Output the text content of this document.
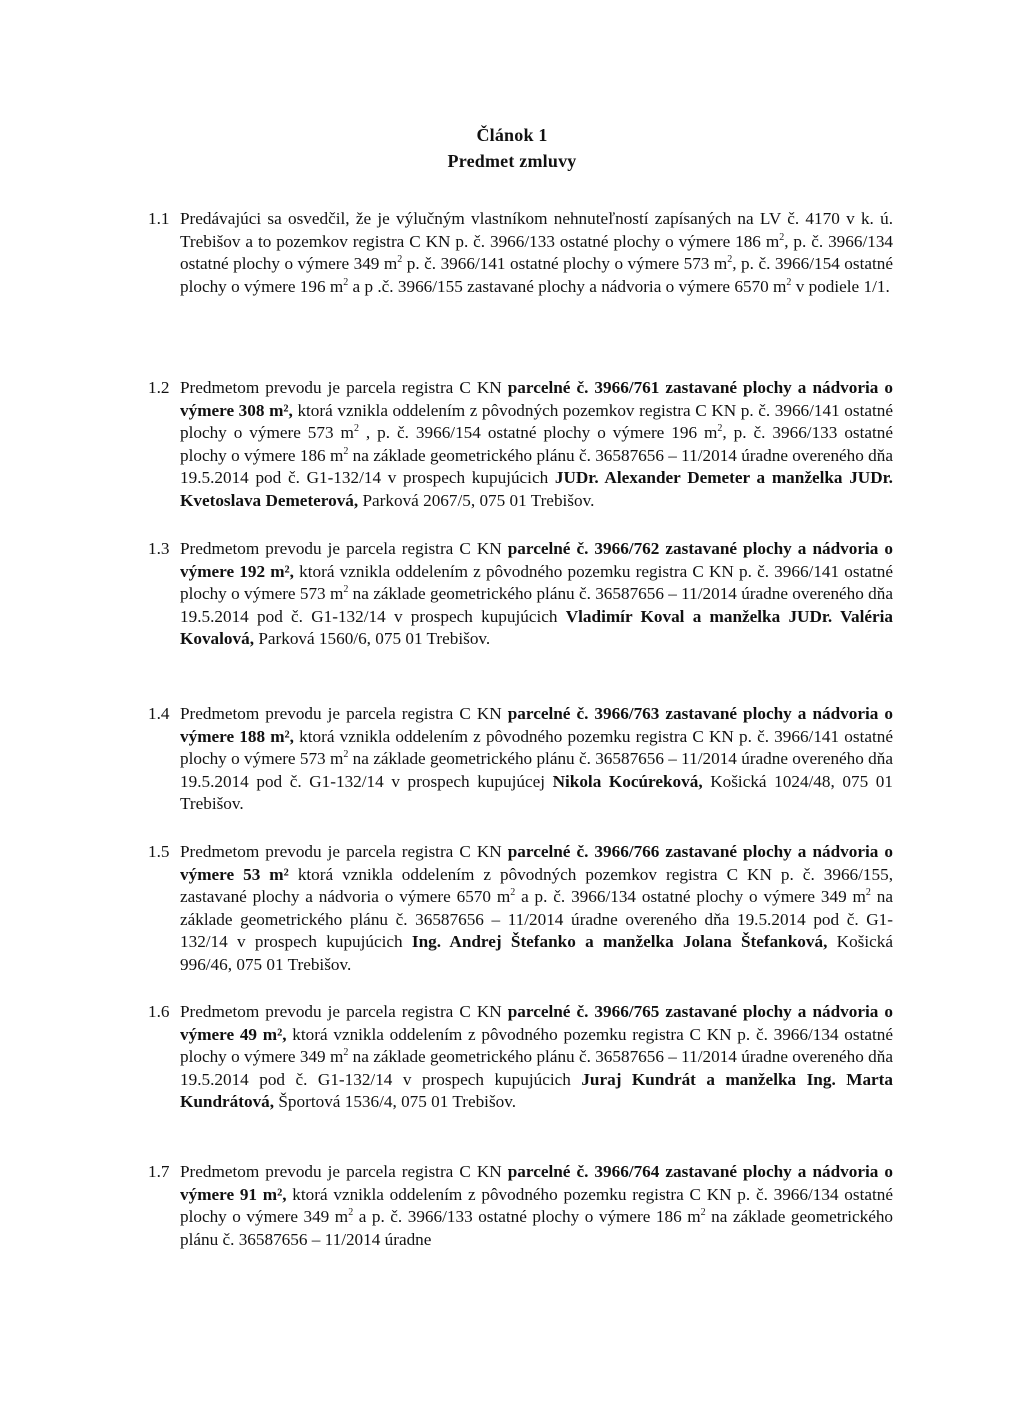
Článok 1
Predmet zmluvy
1.1 Predávajúci sa osvedčil, že je výlučným vlastníkom nehnuteľností zapísaných na LV č. 4170 v k. ú. Trebišov a to pozemkov registra C KN p. č. 3966/133 ostatné plochy o výmere 186 $m^2$, p. č. 3966/134 ostatné plochy o výmere 349 $m^2$ p. č. 3966/141 ostatné plochy o výmere 573 $m^2$, p. č. 3966/154 ostatné plochy o výmere 196 $m^2$ a p .č. 3966/155 zastavané plochy a nádvoria o výmere 6570 $m^2$ v podiele 1/1.
1.2 Predmetom prevodu je parcela registra C KN parcelné č. 3966/761 zastavané plochy a nádvoria o výmere 308 m², ktorá vznikla oddelením z pôvodných pozemkov registra C KN p. č. 3966/141 ostatné plochy o výmere 573 $m^2$ , p. č. 3966/154 ostatné plochy o výmere 196 $m^2$, p. č. 3966/133 ostatné plochy o výmere 186 $m^2$ na základe geometrického plánu č. 36587656 – 11/2014 úradne overeného dňa 19.5.2014 pod č. G1-132/14 v prospech kupujúcich JUDr. Alexander Demeter a manželka JUDr. Kvetoslava Demeterová, Parková 2067/5, 075 01 Trebišov.
1.3 Predmetom prevodu je parcela registra C KN parcelné č. 3966/762 zastavané plochy a nádvoria o výmere 192 m², ktorá vznikla oddelením z pôvodného pozemku registra C KN p. č. 3966/141 ostatné plochy o výmere 573 $m^2$ na základe geometrického plánu č. 36587656 – 11/2014 úradne overeného dňa 19.5.2014 pod č. G1-132/14 v prospech kupujúcich Vladimír Koval a manželka JUDr. Valéria Kovalová, Parková 1560/6, 075 01 Trebišov.
1.4 Predmetom prevodu je parcela registra C KN parcelné č. 3966/763 zastavané plochy a nádvoria o výmere 188 m², ktorá vznikla oddelením z pôvodného pozemku registra C KN p. č. 3966/141 ostatné plochy o výmere 573 $m^2$ na základe geometrického plánu č. 36587656 – 11/2014 úradne overeného dňa 19.5.2014 pod č. G1-132/14 v prospech kupujúcej Nikola Kocúreková, Košická 1024/48, 075 01 Trebišov.
1.5 Predmetom prevodu je parcela registra C KN parcelné č. 3966/766 zastavané plochy a nádvoria o výmere 53 m² ktorá vznikla oddelením z pôvodných pozemkov registra C KN p. č. 3966/155, zastavané plochy a nádvoria o výmere 6570 $m^2$ a p. č. 3966/134 ostatné plochy o výmere 349 $m^2$ na základe geometrického plánu č. 36587656 – 11/2014 úradne overeného dňa 19.5.2014 pod č. G1-132/14 v prospech kupujúcich Ing. Andrej Štefanko a manželka Jolana Štefanková, Košická 996/46, 075 01 Trebišov.
1.6 Predmetom prevodu je parcela registra C KN parcelné č. 3966/765 zastavané plochy a nádvoria o výmere 49 m², ktorá vznikla oddelením z pôvodného pozemku registra C KN p. č. 3966/134 ostatné plochy o výmere 349 $m^2$ na základe geometrického plánu č. 36587656 – 11/2014 úradne overeného dňa 19.5.2014 pod č. G1-132/14 v prospech kupujúcich Juraj Kundrát a manželka Ing. Marta Kundrátová, Športová 1536/4, 075 01 Trebišov.
1.7 Predmetom prevodu je parcela registra C KN parcelné č. 3966/764 zastavané plochy a nádvoria o výmere 91 m², ktorá vznikla oddelením z pôvodného pozemku registra C KN p. č. 3966/134 ostatné plochy o výmere 349 $m^2$ a p. č. 3966/133 ostatné plochy o výmere 186 $m^2$ na základe geometrického plánu č. 36587656 – 11/2014 úradne
